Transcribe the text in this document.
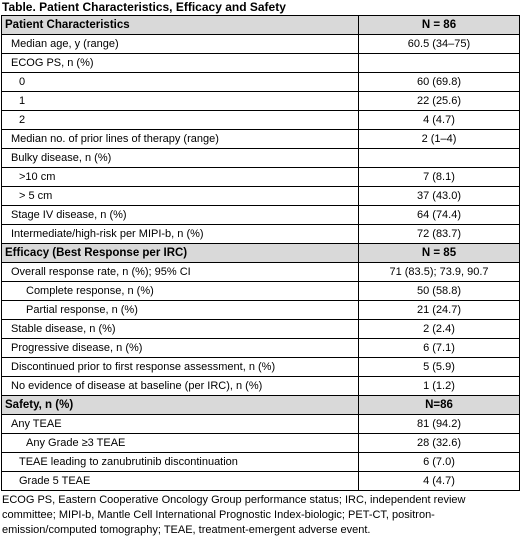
Table. Patient Characteristics, Efficacy and Safety
Patient Characteristics	N = 86
Median age, y (range)	60.5 (34–75)
ECOG PS, n (%)	
0	60 (69.8)
1	22 (25.6)
2	4 (4.7)
Median no. of prior lines of therapy (range)	2 (1–4)
Bulky disease, n (%)	
>10 cm	7 (8.1)
> 5 cm	37 (43.0)
Stage IV disease, n (%)	64 (74.4)
Intermediate/high-risk per MIPI-b, n (%)	72 (83.7)
Efficacy (Best Response per IRC)	N = 85
Overall response rate, n (%); 95% CI	71 (83.5); 73.9, 90.7
Complete response, n (%)	50 (58.8)
Partial response, n (%)	21 (24.7)
Stable disease, n (%)	2 (2.4)
Progressive disease, n (%)	6 (7.1)
Discontinued prior to first response assessment, n (%)	5 (5.9)
No evidence of disease at baseline (per IRC), n (%)	1 (1.2)
Safety, n (%)	N=86
Any TEAE	81 (94.2)
Any Grade ≥3 TEAE	28 (32.6)
TEAE leading to zanubrutinib discontinuation	6 (7.0)
Grade 5 TEAE	4 (4.7)
ECOG PS, Eastern Cooperative Oncology Group performance status; IRC, independent review committee; MIPI-b, Mantle Cell International Prognostic Index-biologic; PET-CT, positron-emission/computed tomography; TEAE, treatment-emergent adverse event.
